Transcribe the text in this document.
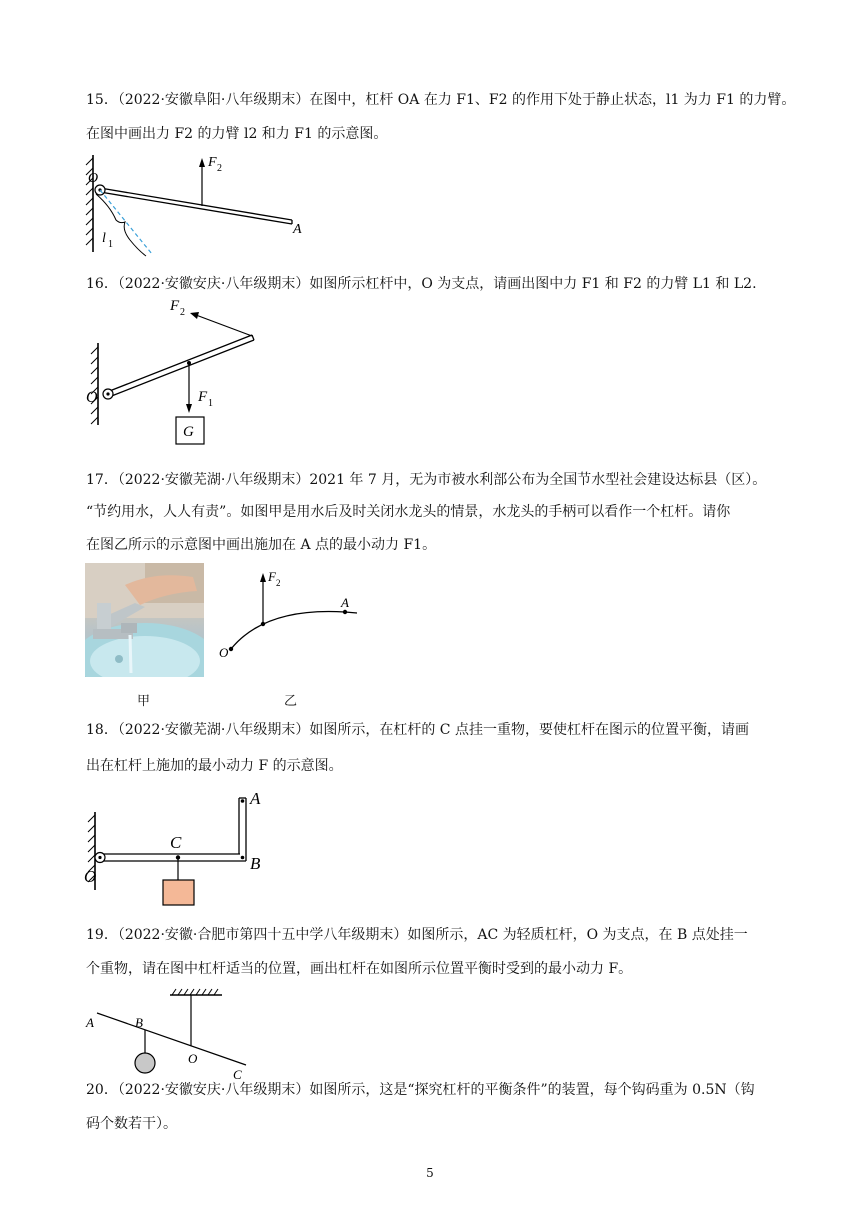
15．（2022·安徽阜阳·八年级期末）在图中，杠杆 OA 在力 F1、F2 的作用下处于静止状态，l1 为力 F1 的力臂。
在图中画出力 F2 的力臂 l2 和力 F1 的示意图。
O
A
F 2
l 1
16．（2022·安徽安庆·八年级期末）如图所示杠杆中，O 为支点，请画出图中力 F1 和 F2 的力臂 L1 和 L2.
G
O	F 1
F 2
17．（2022·安徽芜湖·八年级期末）2021 年 7 月，无为市被水利部公布为全国节水型社会建设达标县（区）。
“节约用水，人人有责”。如图甲是用水后及时关闭水龙头的情景，水龙头的手柄可以看作一个杠杆。请你
在图乙所示的示意图中画出施加在 A 点的最小动力 F1。
O
A
F 2
甲	乙
18．（2022·安徽芜湖·八年级期末）如图所示，在杠杆的 C 点挂一重物，要使杠杆在图示的位置平衡，请画
出在杠杆上施加的最小动力 F 的示意图。
O
C
A
B
19．（2022·安徽·合肥市第四十五中学八年级期末）如图所示，AC 为轻质杠杆，O 为支点，在 B 点处挂一
个重物，请在图中杠杆适当的位置，画出杠杆在如图所示位置平衡时受到的最小动力 F。
A	B
O
C
20．（2022·安徽安庆·八年级期末）如图所示，这是“探究杠杆的平衡条件”的装置，每个钩码重为 0.5N（钩
码个数若干）。
5
